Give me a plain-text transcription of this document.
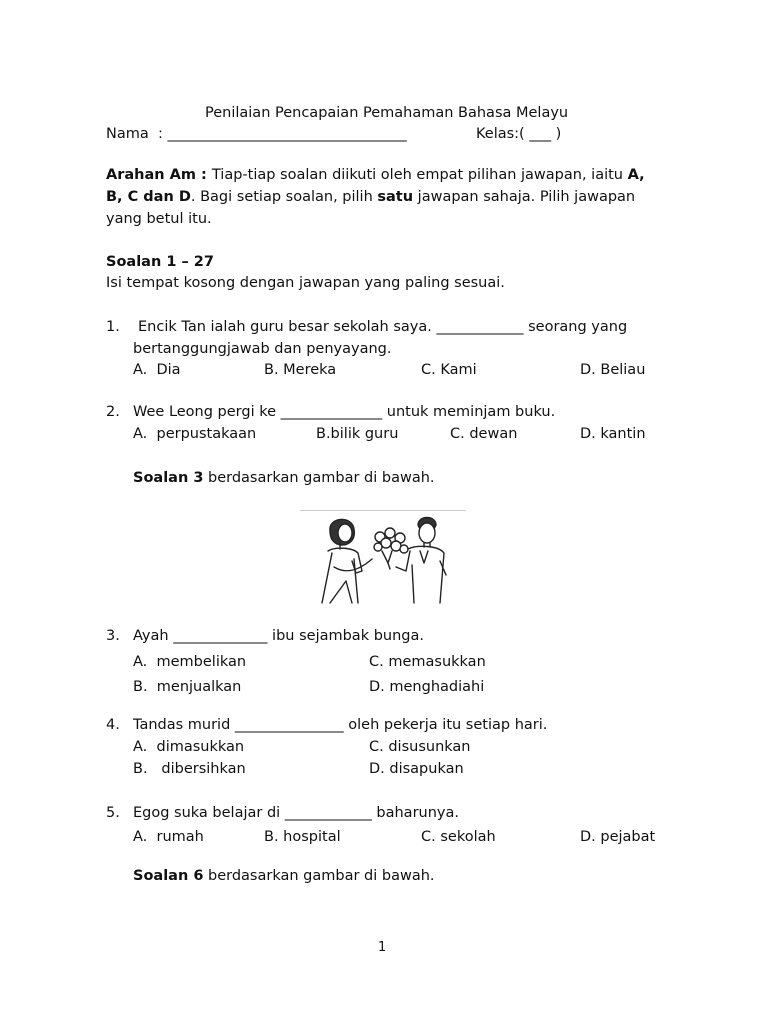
Penilaian Pencapaian Pemahaman Bahasa Melayu
Nama  : _________________________________	Kelas:( ___ )
Arahan Am : Tiap-tiap soalan diikuti oleh empat pilihan jawapan, iaitu A,
B, C dan D. Bagi setiap soalan, pilih satu jawapan sahaja. Pilih jawapan
yang betul itu.
Soalan 1 – 27
Isi tempat kosong dengan jawapan yang paling sesuai.
1. Encik Tan ialah guru besar sekolah saya. ____________ seorang yang
bertanggungjawab dan penyayang.
A.  Dia	B. Mereka	C. Kami	D. Beliau
2. Wee Leong pergi ke ______________ untuk meminjam buku.
A.  perpustakaan	B.bilik guru	C. dewan	D. kantin
Soalan 3 berdasarkan gambar di bawah.
3. Ayah _____________ ibu sejambak bunga.
A.  membelikan	C. memasukkan
B.  menjualkan	D. menghadiahi
4. Tandas murid _______________ oleh pekerja itu setiap hari.
A.  dimasukkan	C. disusunkan
B.   dibersihkan	D. disapukan
5. Egog suka belajar di ____________ baharunya.
A.  rumah	B. hospital	C. sekolah	D. pejabat
Soalan 6 berdasarkan gambar di bawah.
1
